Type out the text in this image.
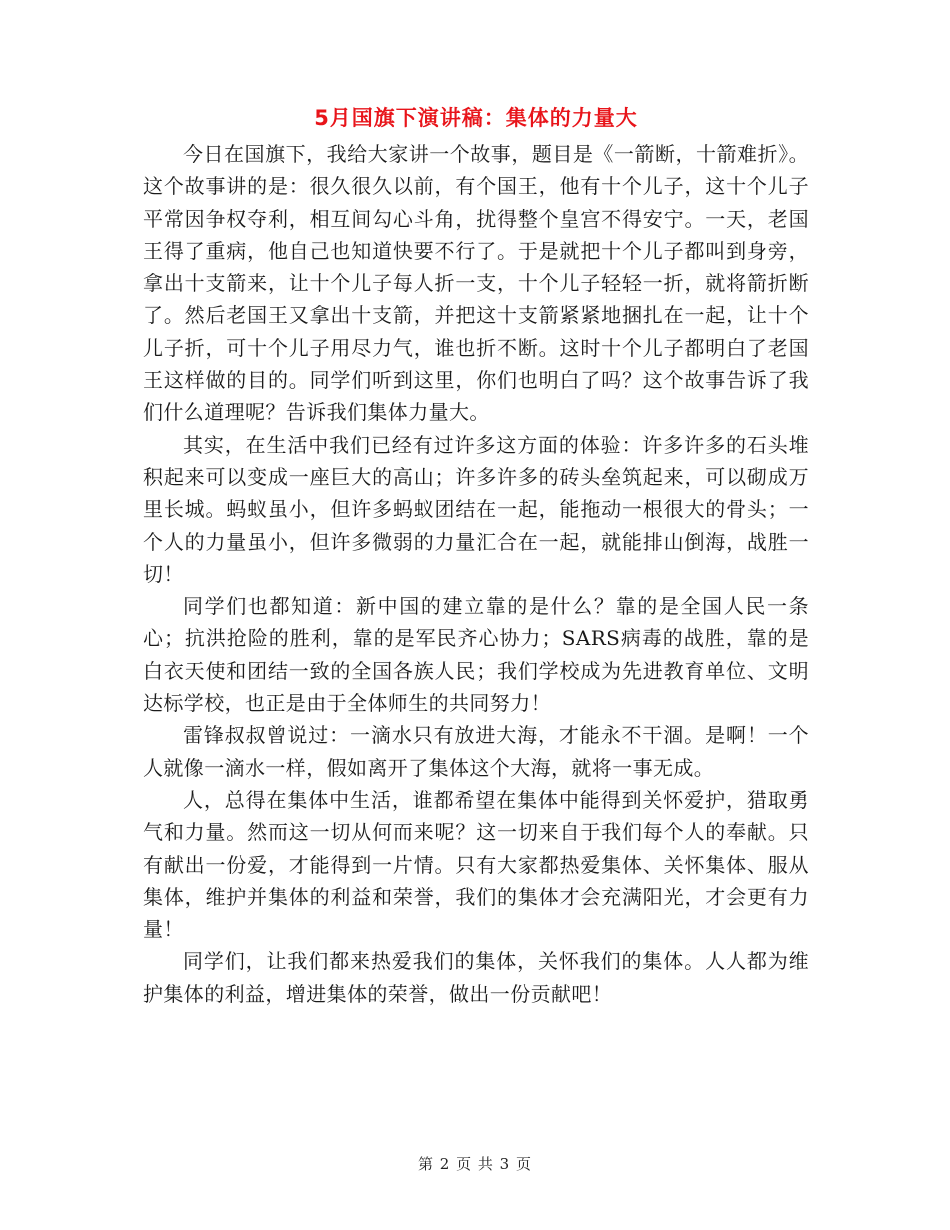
5月国旗下演讲稿：集体的力量大

今日在国旗下，我给大家讲一个故事，题目是《一箭断，十箭难折》。这个故事讲的是：很久很久以前，有个国王，他有十个儿子，这十个儿子平常因争权夺利，相互间勾心斗角，扰得整个皇宫不得安宁。一天，老国王得了重病，他自己也知道快要不行了。于是就把十个儿子都叫到身旁，拿出十支箭来，让十个儿子每人折一支，十个儿子轻轻一折，就将箭折断了。然后老国王又拿出十支箭，并把这十支箭紧紧地捆扎在一起，让十个儿子折，可十个儿子用尽力气，谁也折不断。这时十个儿子都明白了老国王这样做的目的。同学们听到这里，你们也明白了吗？这个故事告诉了我们什么道理呢？告诉我们集体力量大。

其实，在生活中我们已经有过许多这方面的体验：许多许多的石头堆积起来可以变成一座巨大的高山；许多许多的砖头垒筑起来，可以砌成万里长城。蚂蚁虽小，但许多蚂蚁团结在一起，能拖动一根很大的骨头；一个人的力量虽小，但许多微弱的力量汇合在一起，就能排山倒海，战胜一切！

同学们也都知道：新中国的建立靠的是什么？靠的是全国人民一条心；抗洪抢险的胜利，靠的是军民齐心协力；SARS病毒的战胜，靠的是白衣天使和团结一致的全国各族人民；我们学校成为先进教育单位、文明达标学校，也正是由于全体师生的共同努力！

雷锋叔叔曾说过：一滴水只有放进大海，才能永不干涸。是啊！一个人就像一滴水一样，假如离开了集体这个大海，就将一事无成。

人，总得在集体中生活，谁都希望在集体中能得到关怀爱护，猎取勇气和力量。然而这一切从何而来呢？这一切来自于我们每个人的奉献。只有献出一份爱，才能得到一片情。只有大家都热爱集体、关怀集体、服从集体，维护并集体的利益和荣誉，我们的集体才会充满阳光，才会更有力量！

同学们，让我们都来热爱我们的集体，关怀我们的集体。人人都为维护集体的利益，增进集体的荣誉，做出一份贡献吧！

第 2 页 共 3 页
